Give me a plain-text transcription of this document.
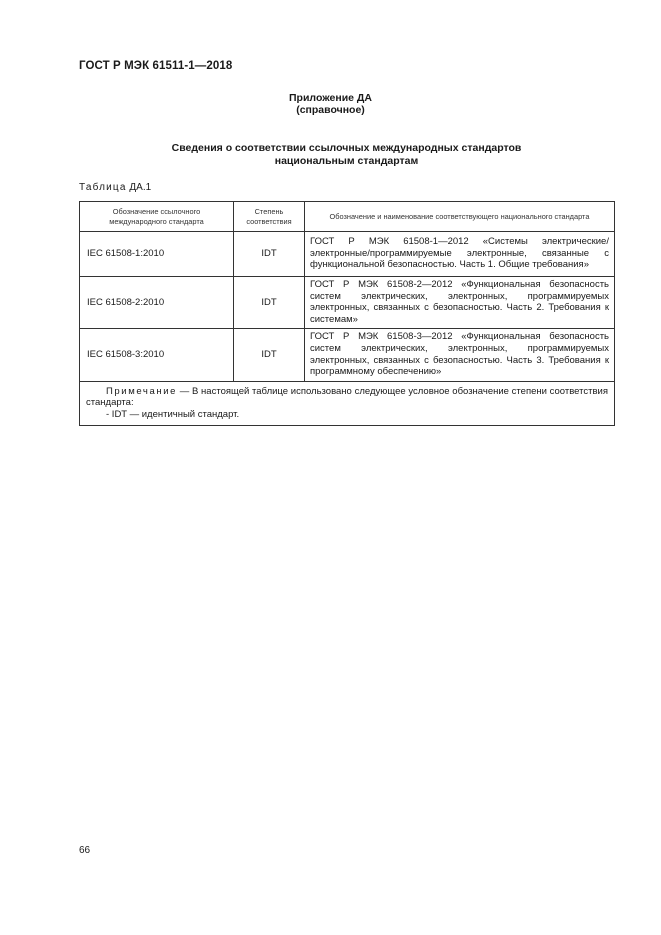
ГОСТ Р МЭК 61511-1—2018
Приложение ДА
(справочное)
Сведения о соответствии ссылочных международных стандартов
национальным стандартам
Таблица ДА.1
Обозначение ссылочного международного стандарта	Степень соответствия	Обозначение и наименование соответствующего национального стандарта
IEC 61508-1:2010	IDT	ГОСТ Р МЭК 61508-1—2012 «Системы электрические/электронные/программируемые электронные, связанные с функциональной безопасностью. Часть 1. Общие требования»
IEC 61508-2:2010	IDT	ГОСТ Р МЭК 61508-2—2012 «Функциональная безопасность систем электрических, электронных, программируемых электронных, связанных с безопасностью. Часть 2. Требования к системам»
IEC 61508-3:2010	IDT	ГОСТ Р МЭК 61508-3—2012 «Функциональная безопасность систем электрических, электронных, программируемых электронных, связанных с безопасностью. Часть 3. Требования к программному обеспечению»
Примечание — В настоящей таблице использовано следующее условное обозначение степени соответствия стандарта:
- IDT — идентичный стандарт.		
66
